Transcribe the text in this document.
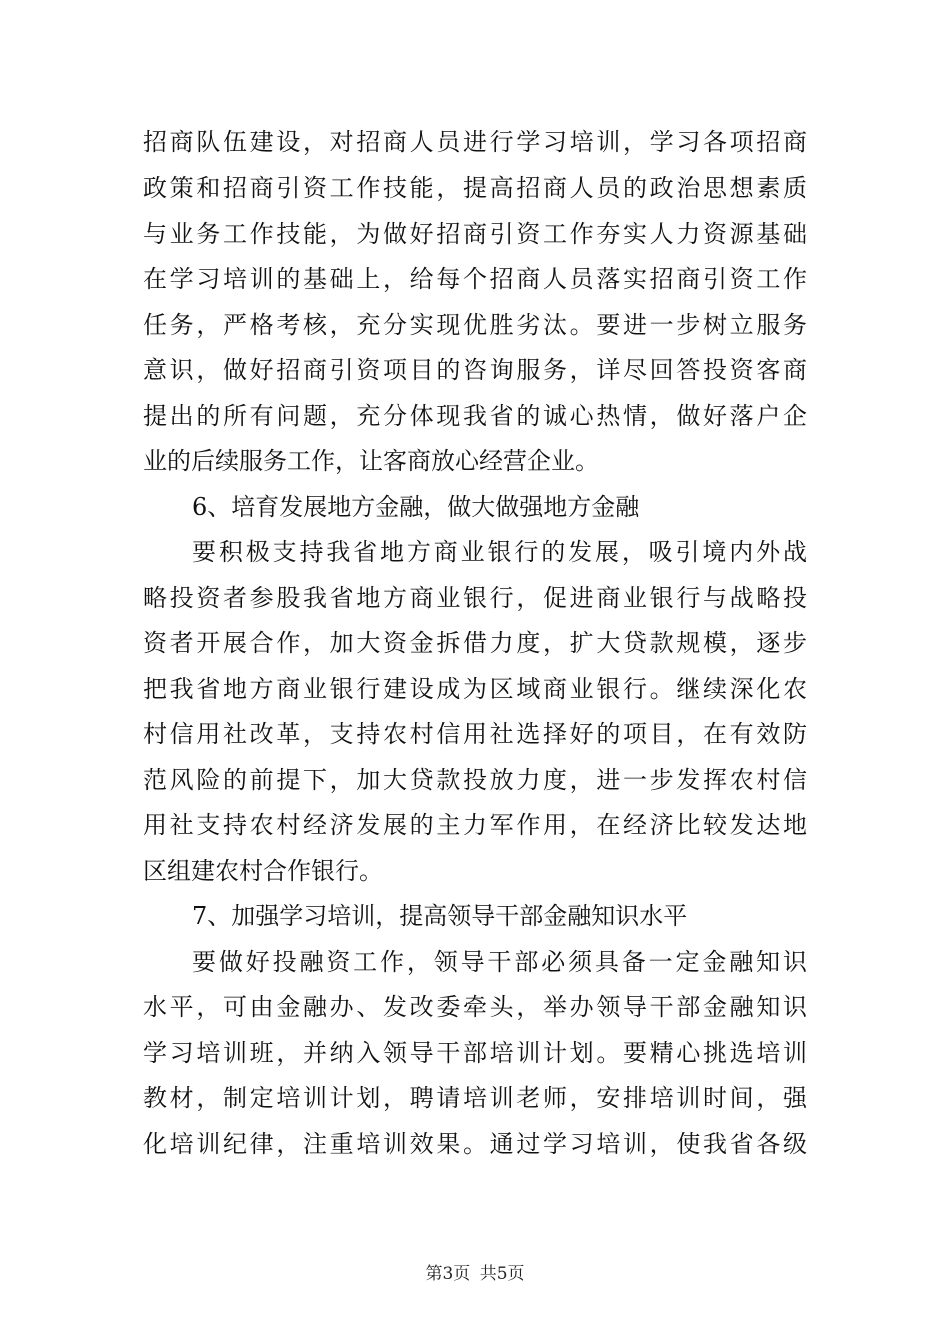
招商队伍建设，对招商人员进行学习培训，学习各项招商
政策和招商引资工作技能，提高招商人员的政治思想素质
与业务工作技能，为做好招商引资工作夯实人力资源基础
在学习培训的基础上，给每个招商人员落实招商引资工作
任务，严格考核，充分实现优胜劣汰。要进一步树立服务
意识，做好招商引资项目的咨询服务，详尽回答投资客商
提出的所有问题，充分体现我省的诚心热情，做好落户企
业的后续服务工作，让客商放心经营企业。
6、培育发展地方金融，做大做强地方金融
要积极支持我省地方商业银行的发展，吸引境内外战
略投资者参股我省地方商业银行，促进商业银行与战略投
资者开展合作，加大资金拆借力度，扩大贷款规模，逐步
把我省地方商业银行建设成为区域商业银行。继续深化农
村信用社改革，支持农村信用社选择好的项目，在有效防
范风险的前提下，加大贷款投放力度，进一步发挥农村信
用社支持农村经济发展的主力军作用，在经济比较发达地
区组建农村合作银行。
7、加强学习培训，提高领导干部金融知识水平
要做好投融资工作，领导干部必须具备一定金融知识
水平，可由金融办、发改委牵头，举办领导干部金融知识
学习培训班，并纳入领导干部培训计划。要精心挑选培训
教材，制定培训计划，聘请培训老师，安排培训时间，强
化培训纪律，注重培训效果。通过学习培训，使我省各级
第3页 共5页
